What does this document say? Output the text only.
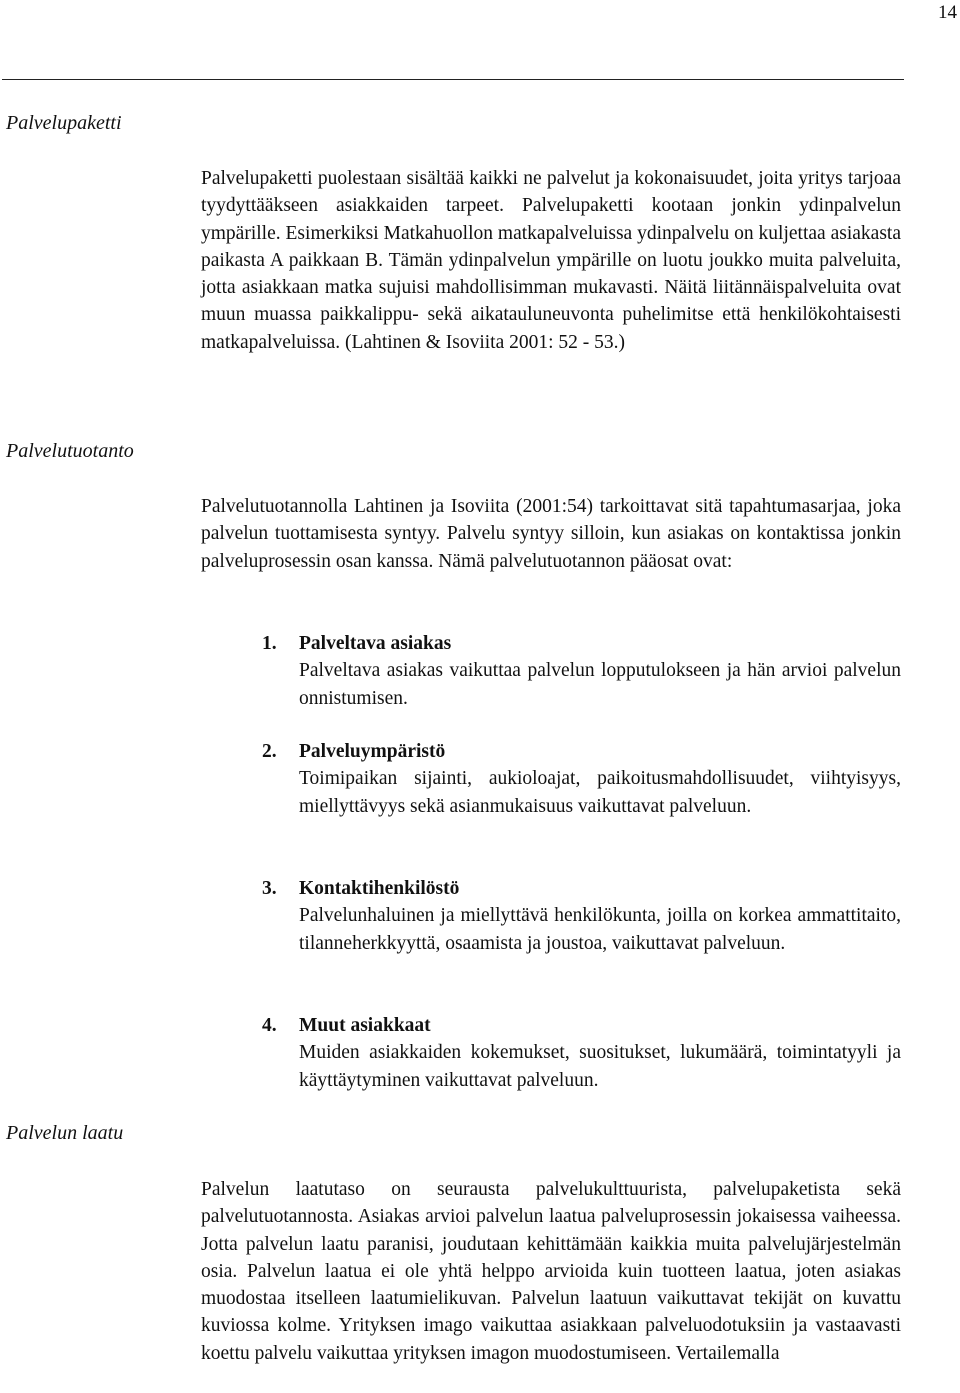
14
Palvelupaketti

Palvelupaketti puolestaan sisältää kaikki ne palvelut ja kokonaisuudet, joita yritys tarjoaa tyydyttääkseen asiakkaiden tarpeet. Palvelupaketti kootaan jonkin ydinpalvelun ympärille. Esimerkiksi Matkahuollon matkapalveluissa ydinpalvelu on kuljettaa asiakasta paikasta A paikkaan B. Tämän ydinpalvelun ympärille on luotu joukko muita palveluita, jotta asiakkaan matka sujuisi mahdollisimman mukavasti. Näitä liitännäispalveluita ovat muun muassa paikkalippu- sekä aikatauluneuvonta puhelimitse että henkilökohtaisesti matkapalveluissa. (Lahtinen & Isoviita 2001: 52 - 53.)

Palvelutuotanto

Palvelutuotannolla Lahtinen ja Isoviita (2001:54) tarkoittavat sitä tapahtumasarjaa, joka palvelun tuottamisesta syntyy. Palvelu syntyy silloin, kun asiakas on kontaktissa jonkin palveluprosessin osan kanssa. Nämä palvelutuotannon pääosat ovat:

1. Palveltava asiakas
Palveltava asiakas vaikuttaa palvelun lopputulokseen ja hän arvioi palvelun onnistumisen.
2. Palveluympäristö
Toimipaikan sijainti, aukioloajat, paikoitusmahdollisuudet, viihtyisyys, miellyttävyys sekä asianmukaisuus vaikuttavat palveluun.
3. Kontaktihenkilöstö
Palvelunhaluinen ja miellyttävä henkilökunta, joilla on korkea ammattitaito, tilanneherkkyyttä, osaamista ja joustoa, vaikuttavat palveluun.
4. Muut asiakkaat
Muiden asiakkaiden kokemukset, suositukset, lukumäärä, toimintatyyli ja käyttäytyminen vaikuttavat palveluun.
Palvelun laatu

Palvelun laatutaso on seurausta palvelukulttuurista, palvelupaketista sekä palvelutuotannosta. Asiakas arvioi palvelun laatua palveluprosessin jokaisessa vaiheessa. Jotta palvelun laatu paranisi, joudutaan kehittämään kaikkia muita palvelujärjestelmän osia. Palvelun laatua ei ole yhtä helppo arvioida kuin tuotteen laatua, joten asiakas muodostaa itselleen laatumielikuvan. Palvelun laatuun vaikuttavat tekijät on kuvattu kuviossa kolme. Yrityksen imago vaikuttaa asiakkaan palveluodotuksiin ja vastaavasti koettu palvelu vaikuttaa yrityksen imagon muodostumiseen. Vertailemalla
